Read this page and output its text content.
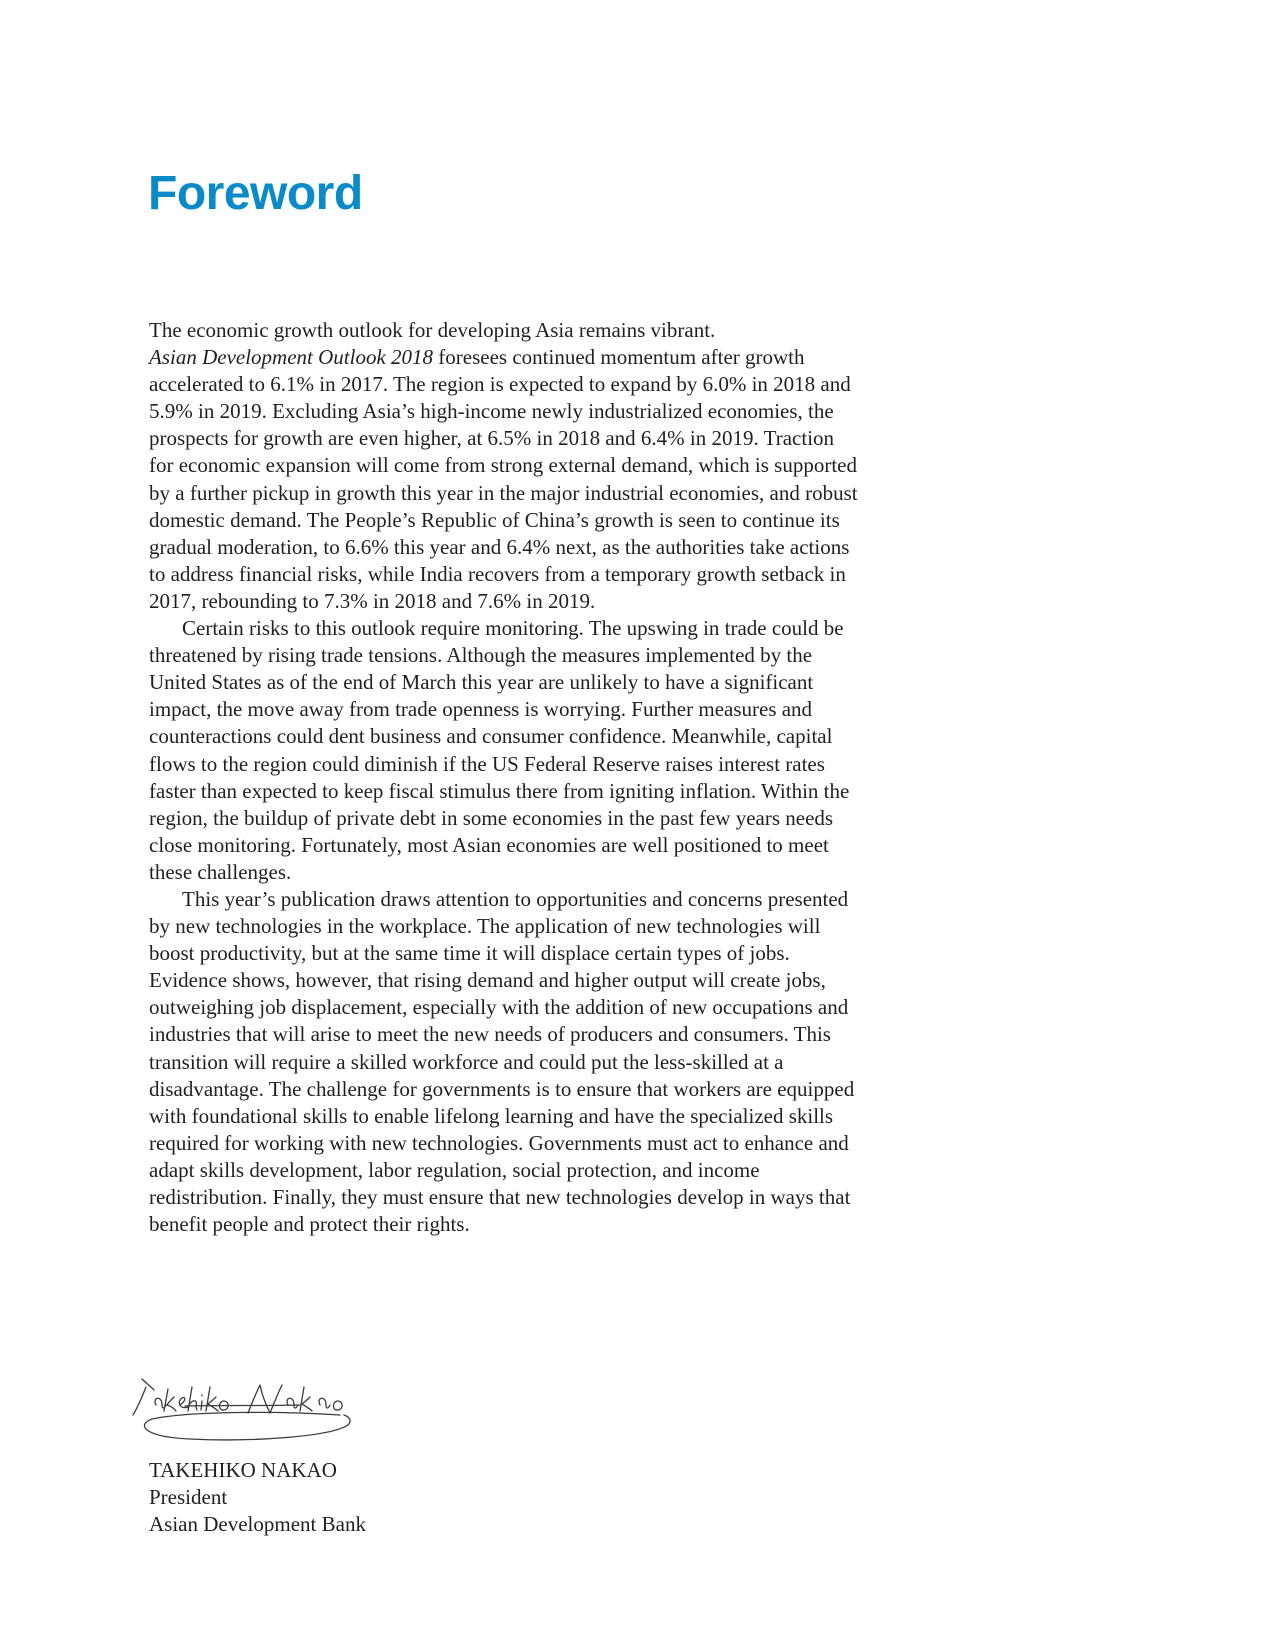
Foreword

The economic growth outlook for developing Asia remains vibrant.
Asian Development Outlook 2018 foresees continued momentum after growth accelerated to 6.1% in 2017. The region is expected to expand by 6.0% in 2018 and 5.9% in 2019. Excluding Asia’s high-income newly industrialized economies, the prospects for growth are even higher, at 6.5% in 2018 and 6.4% in 2019. Traction for economic expansion will come from strong external demand, which is supported by a further pickup in growth this year in the major industrial economies, and robust domestic demand. The People’s Republic of China’s growth is seen to continue its gradual moderation, to 6.6% this year and 6.4% next, as the authorities take actions to address financial risks, while India recovers from a temporary growth setback in 2017, rebounding to 7.3% in 2018 and 7.6% in 2019.

Certain risks to this outlook require monitoring. The upswing in trade could be threatened by rising trade tensions. Although the measures implemented by the United States as of the end of March this year are unlikely to have a significant impact, the move away from trade openness is worrying. Further measures and counteractions could dent business and consumer confidence. Meanwhile, capital flows to the region could diminish if the US Federal Reserve raises interest rates faster than expected to keep fiscal stimulus there from igniting inflation. Within the region, the buildup of private debt in some economies in the past few years needs close monitoring. Fortunately, most Asian economies are well positioned to meet these challenges.

This year’s publication draws attention to opportunities and concerns presented by new technologies in the workplace. The application of new technologies will boost productivity, but at the same time it will displace certain types of jobs. Evidence shows, however, that rising demand and higher output will create jobs, outweighing job displacement, especially with the addition of new occupations and industries that will arise to meet the new needs of producers and consumers. This transition will require a skilled workforce and could put the less-skilled at a disadvantage. The challenge for governments is to ensure that workers are equipped with foundational skills to enable lifelong learning and have the specialized skills required for working with new technologies. Governments must act to enhance and adapt skills development, labor regulation, social protection, and income redistribution. Finally, they must ensure that new technologies develop in ways that benefit people and protect their rights.

TAKEHIKO NAKAO
President
Asian Development Bank
